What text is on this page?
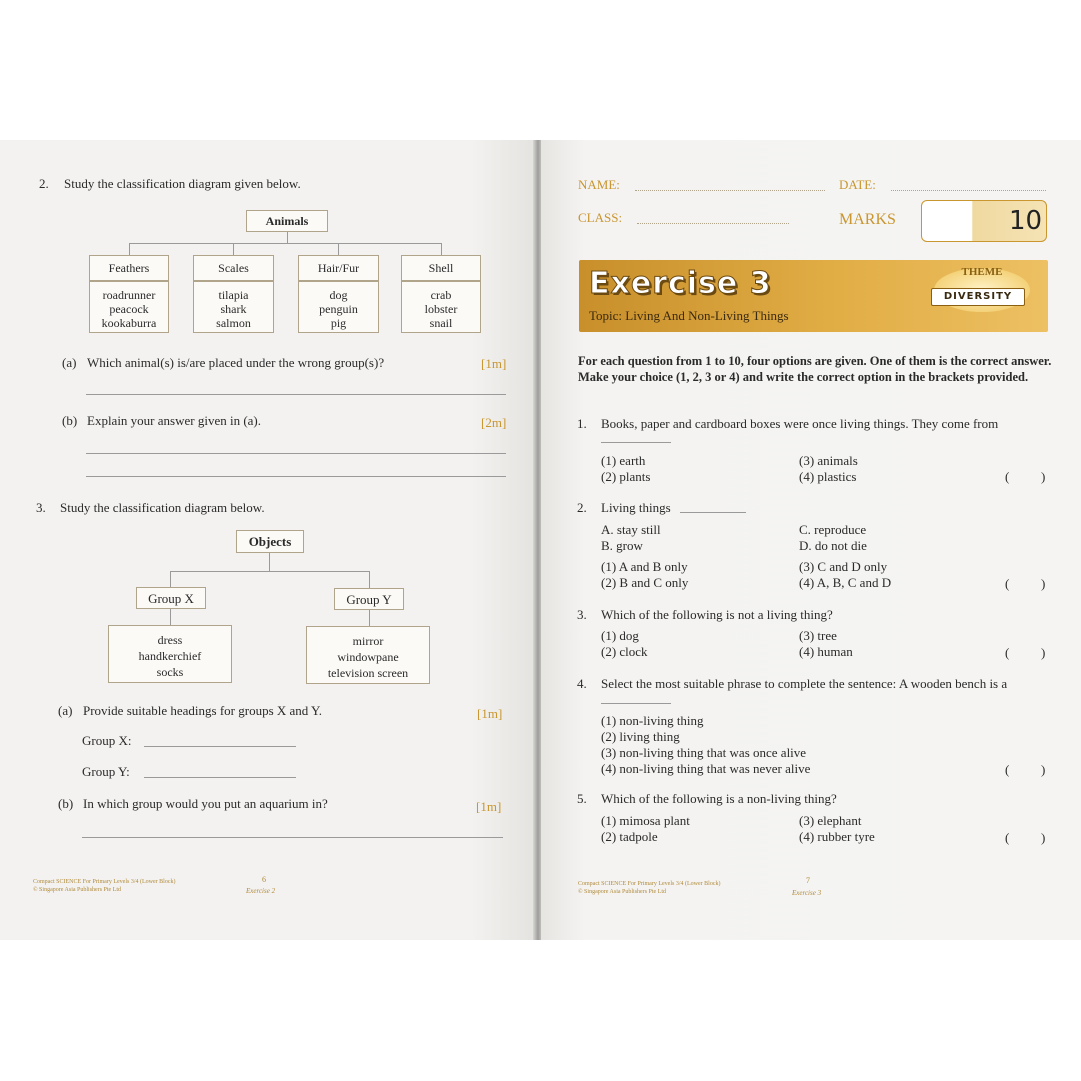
2. Study the classification diagram given below.
Animals
Feathers
roadrunner
peacock
kookaburra
Scales
tilapia
shark
salmon
Hair/Fur
dog
penguin
pig
Shell
crab
lobster
snail
(a) Which animal(s) is/are placed under the wrong group(s)?	[1m]
(b) Explain your answer given in (a).	[2m]
3. Study the classification diagram below.
Objects
Group X
dress
handkerchief
socks
Group Y
mirror
windowpane
television screen
(a) Provide suitable headings for groups X and Y.	[1m]
Group X:
Group Y:
(b) In which group would you put an aquarium in?	[1m]
Compact SCIENCE For Primary Levels 3/4 (Lower Block)
© Singapore Asia Publishers Pte Ltd
6
Exercise 2
NAME:	DATE:
CLASS:	MARKS	10
Exercise 3
Topic: Living And Non-Living Things
THEME
DIVERSITY
For each question from 1 to 10, four options are given. One of them is the correct answer. Make your choice (1, 2, 3 or 4) and write the correct option in the brackets provided.
1. Books, paper and cardboard boxes were once living things. They come from
(1) earth
(2) plants
(3) animals
(4) plastics	( )
2. Living things
A. stay still
B. grow
C. reproduce
D. do not die
(1) A and B only
(2) B and C only
(3) C and D only
(4) A, B, C and D	( )
3. Which of the following is not a living thing?
(1) dog
(2) clock
(3) tree
(4) human	( )
4. Select the most suitable phrase to complete the sentence: A wooden bench is a
(1) non-living thing
(2) living thing
(3) non-living thing that was once alive
(4) non-living thing that was never alive	( )
5. Which of the following is a non-living thing?
(1) mimosa plant
(2) tadpole
(3) elephant
(4) rubber tyre	( )
Compact SCIENCE For Primary Levels 3/4 (Lower Block)
© Singapore Asia Publishers Pte Ltd
7
Exercise 3
